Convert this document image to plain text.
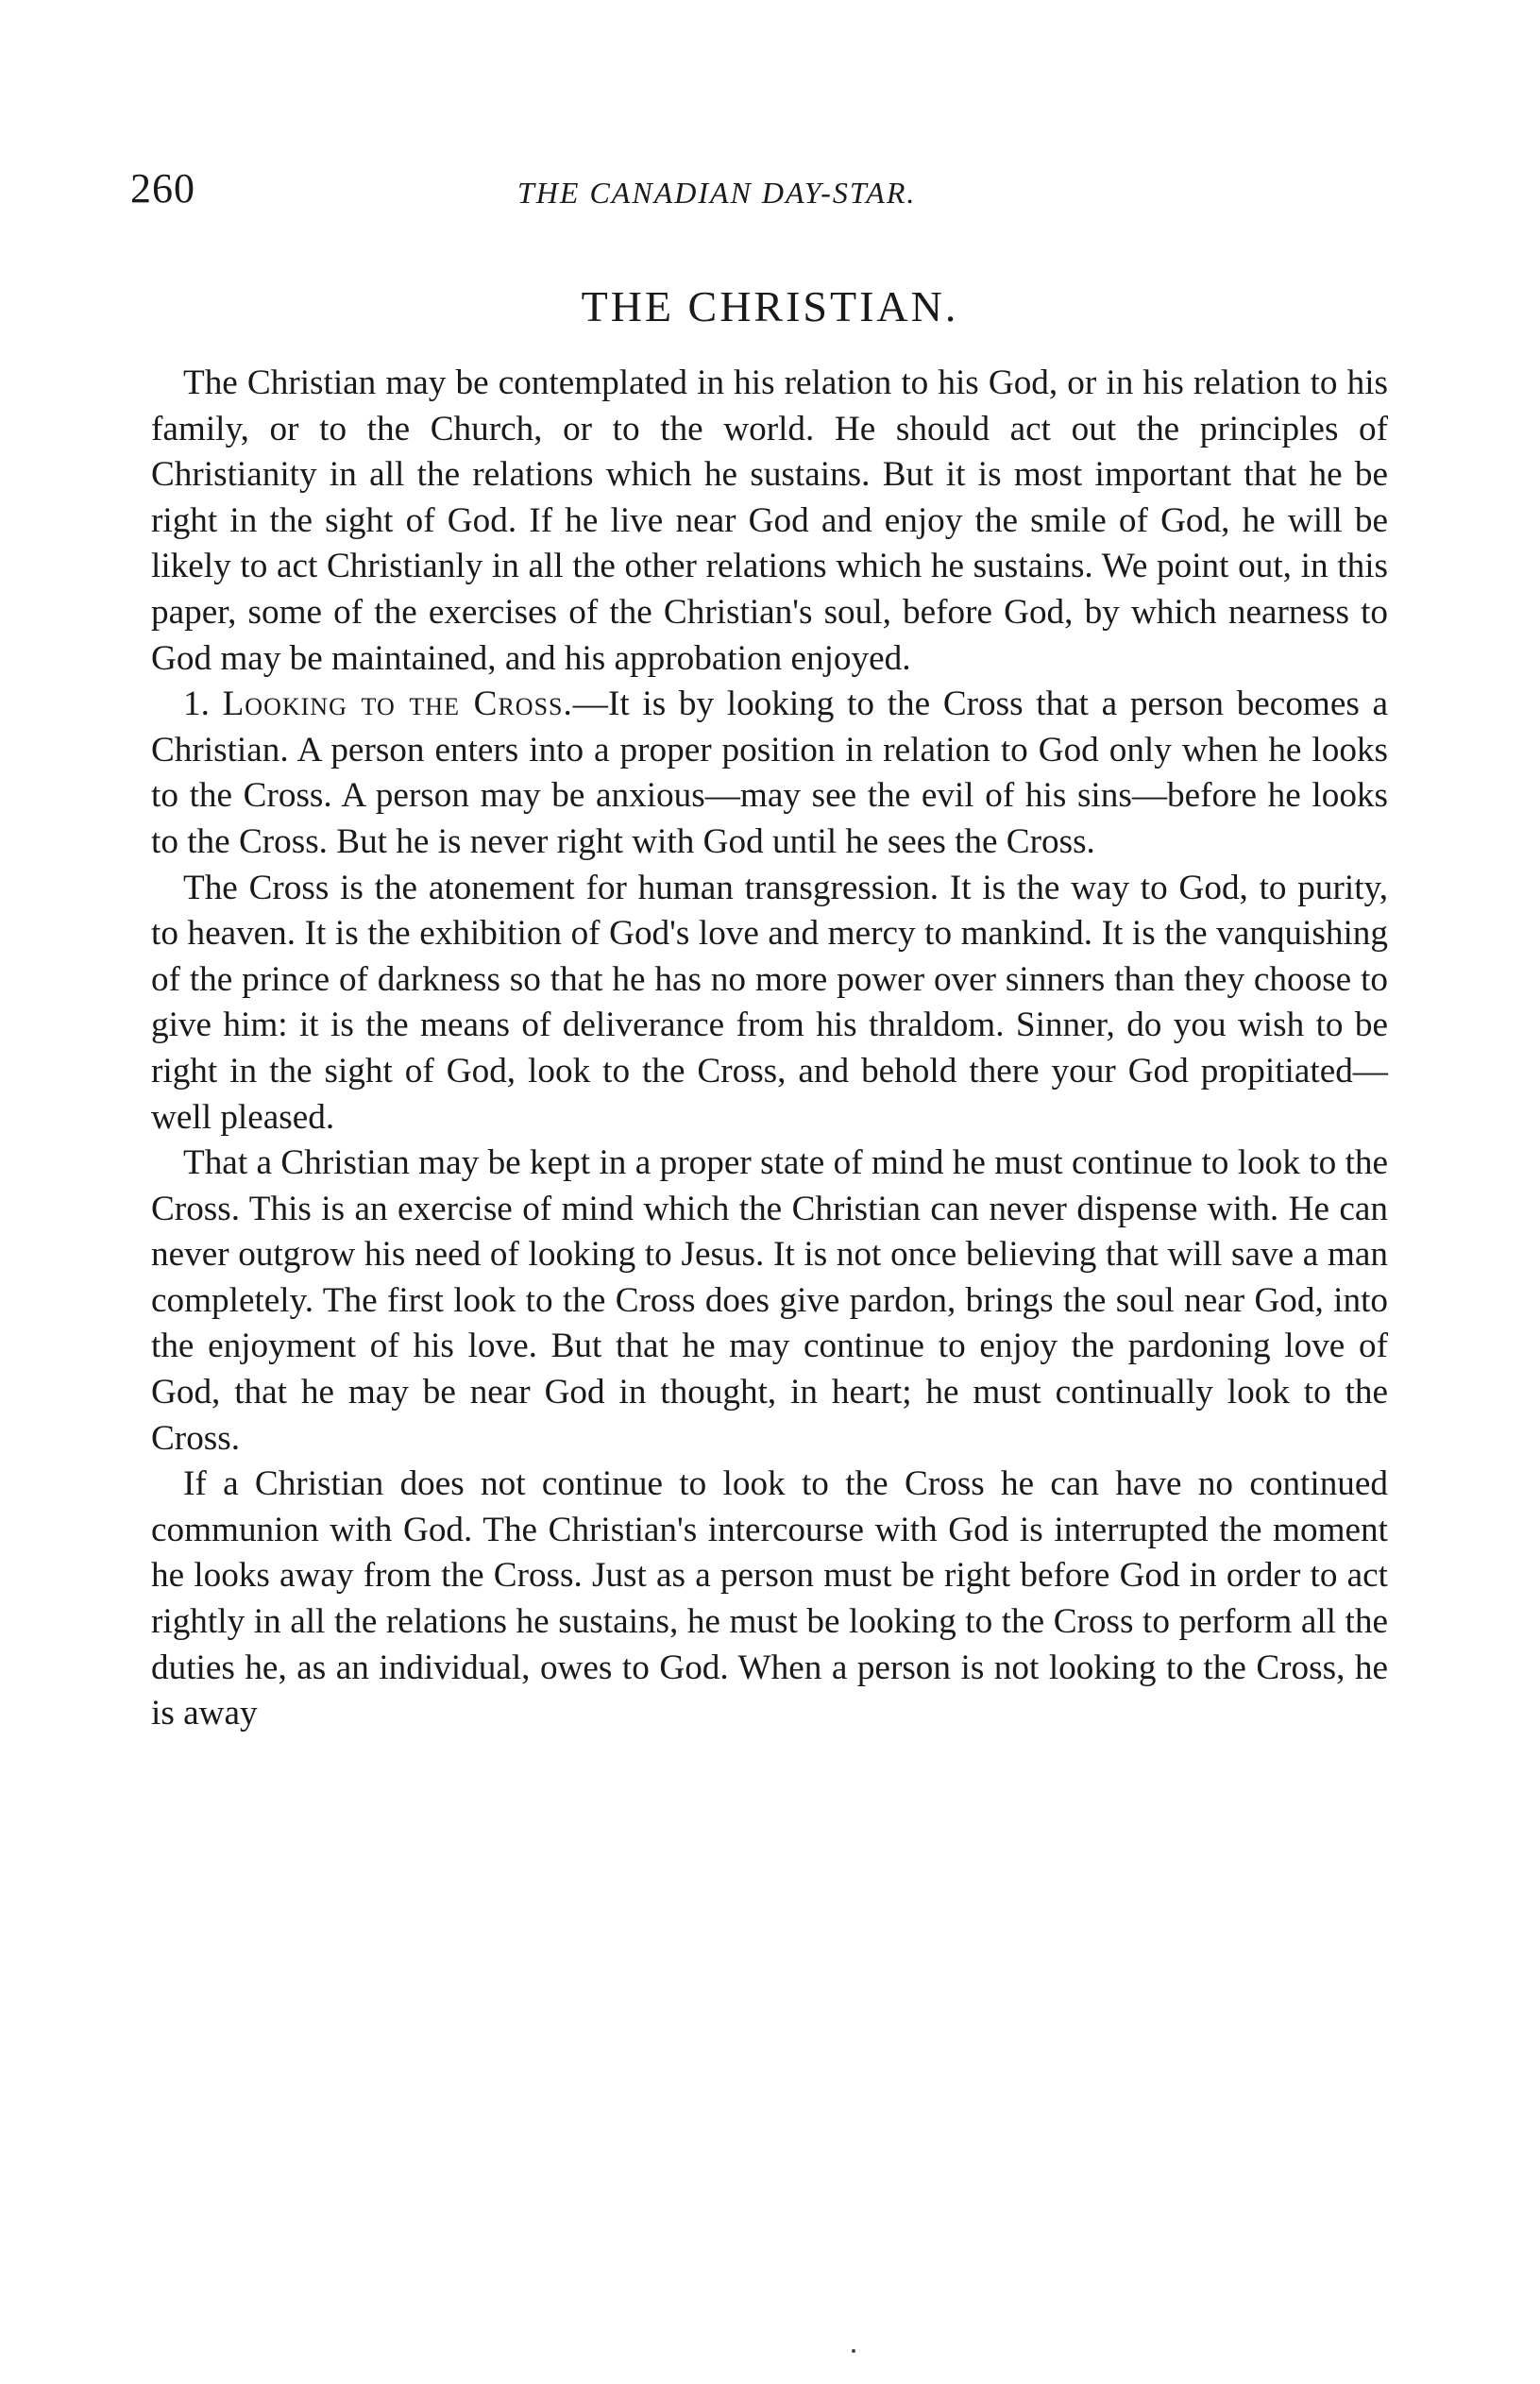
260	THE CANADIAN DAY-STAR.
THE CHRISTIAN.

The Christian may be contemplated in his relation to his God, or in his relation to his family, or to the Church, or to the world. He should act out the principles of Christianity in all the relations which he sustains. But it is most important that he be right in the sight of God. If he live near God and enjoy the smile of God, he will be likely to act Christianly in all the other relations which he sustains. We point out, in this paper, some of the exercises of the Christian's soul, before God, by which nearness to God may be maintained, and his approbation enjoyed.

1. Looking to the Cross.—It is by looking to the Cross that a person becomes a Christian. A person enters into a proper position in relation to God only when he looks to the Cross. A person may be anxious—may see the evil of his sins—before he looks to the Cross. But he is never right with God until he sees the Cross.

The Cross is the atonement for human transgression. It is the way to God, to purity, to heaven. It is the exhibition of God's love and mercy to mankind. It is the vanquishing of the prince of darkness so that he has no more power over sinners than they choose to give him: it is the means of deliverance from his thraldom. Sinner, do you wish to be right in the sight of God, look to the Cross, and behold there your God propitiated—well pleased.

That a Christian may be kept in a proper state of mind he must continue to look to the Cross. This is an exercise of mind which the Christian can never dispense with. He can never outgrow his need of looking to Jesus. It is not once believing that will save a man completely. The first look to the Cross does give pardon, brings the soul near God, into the enjoyment of his love. But that he may continue to enjoy the pardoning love of God, that he may be near God in thought, in heart; he must continually look to the Cross.

If a Christian does not continue to look to the Cross he can have no continued communion with God. The Christian's intercourse with God is interrupted the moment he looks away from the Cross. Just as a person must be right before God in order to act rightly in all the relations he sustains, he must be looking to the Cross to perform all the duties he, as an individual, owes to God. When a person is not looking to the Cross, he is away
